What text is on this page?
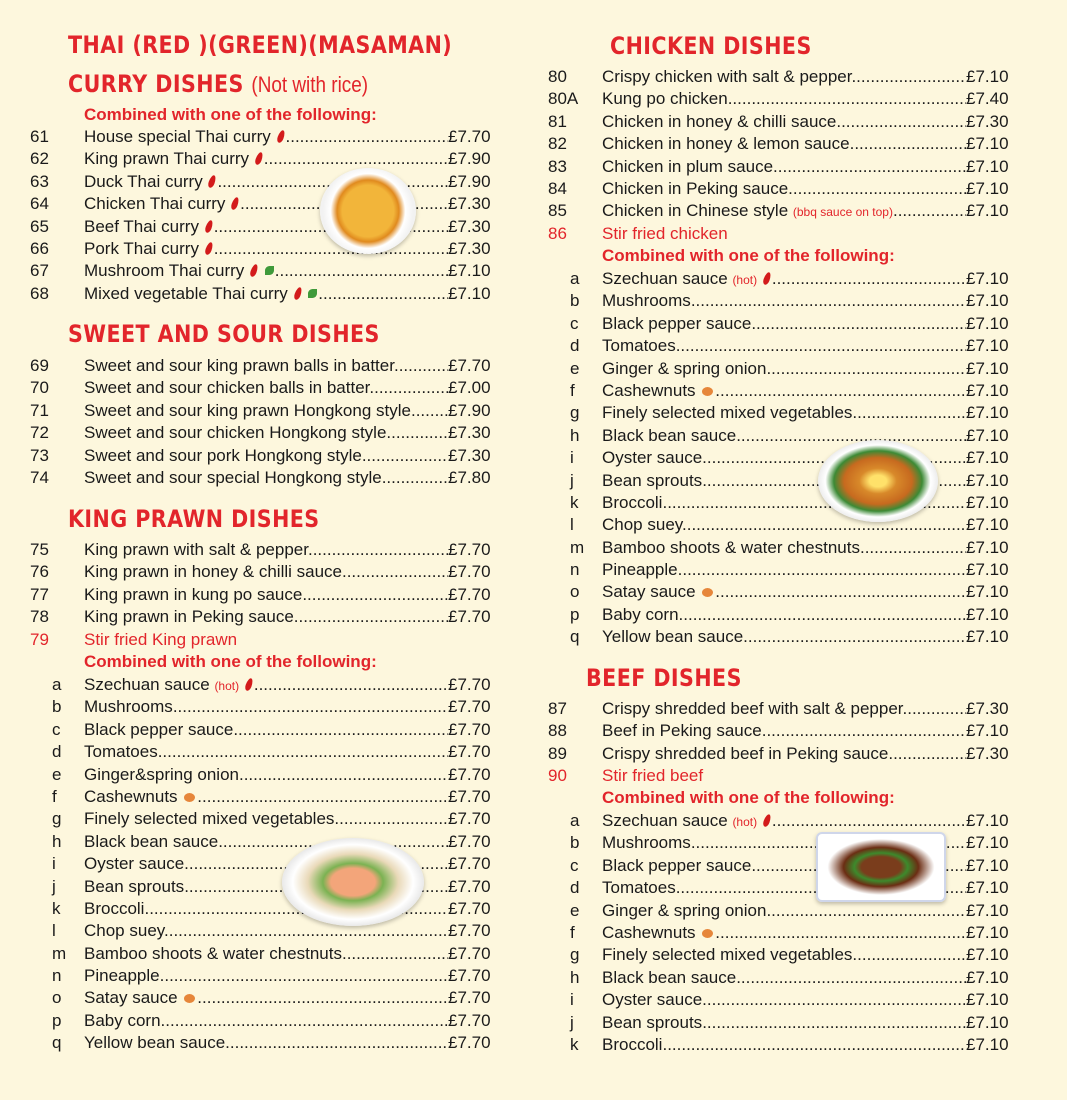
THAI (RED )(GREEN)(MASAMAN)
CURRY DISHES (Not with rice)
Combined with one of the following:
61	House special Thai curry  .....	£7.70
62	King prawn Thai curry  .....	£7.90
63	Duck Thai curry  .....	£7.90
64	Chicken Thai curry  .....	£7.30
65	Beef Thai curry  .....	£7.30
66	Pork Thai curry  .....	£7.30
67	Mushroom Thai curry   .....	£7.10
68	Mixed vegetable Thai curry   .....	£7.10
SWEET AND SOUR DISHES
69	Sweet and sour king prawn balls in batter .....	£7.70
70	Sweet and sour chicken balls in batter .....	£7.00
71	Sweet and sour king prawn Hongkong style .....	£7.90
72	Sweet and sour chicken Hongkong style .....	£7.30
73	Sweet and sour pork Hongkong style .....	£7.30
74	Sweet and sour special Hongkong style .....	£7.80
KING PRAWN DISHES
75	King prawn with salt & pepper .....	£7.70
76	King prawn in honey & chilli sauce .....	£7.70
77	King prawn in kung po sauce .....	£7.70
78	King prawn in Peking sauce .....	£7.70
79	Stir fried King prawn
Combined with one of the following:
a	Szechuan sauce (hot)  .....	£7.70
b	Mushrooms .....	£7.70
c	Black pepper sauce .....	£7.70
d	Tomatoes .....	£7.70
e	Ginger&spring onion .....	£7.70
f	Cashewnuts  .....	£7.70
g	Finely selected mixed vegetables .....	£7.70
h	Black bean sauce .....	£7.70
i	Oyster sauce .....	£7.70
j	Bean sprouts .....	£7.70
k	Broccoli .....	£7.70
l	Chop suey .....	£7.70
m	Bamboo shoots & water chestnuts .....	£7.70
n	Pineapple .....	£7.70
o	Satay sauce  .....	£7.70
p	Baby corn .....	£7.70
q	Yellow bean sauce .....	£7.70
CHICKEN DISHES
80	Crispy chicken with salt & pepper .....	£7.10
80A	Kung po chicken .....	£7.40
81	Chicken in honey & chilli sauce .....	£7.30
82	Chicken in honey & lemon sauce .....	£7.10
83	Chicken in plum sauce .....	£7.10
84	Chicken in Peking sauce .....	£7.10
85	Chicken in Chinese style (bbq sauce on top) .....	£7.10
86	Stir fried chicken
Combined with one of the following:
a	Szechuan sauce (hot)  .....	£7.10
b	Mushrooms .....	£7.10
c	Black pepper sauce .....	£7.10
d	Tomatoes .....	£7.10
e	Ginger & spring onion .....	£7.10
f	Cashewnuts  .....	£7.10
g	Finely selected mixed vegetables .....	£7.10
h	Black bean sauce .....	£7.10
i	Oyster sauce .....	£7.10
j	Bean sprouts .....	£7.10
k	Broccoli .....	£7.10
l	Chop suey .....	£7.10
m	Bamboo shoots & water chestnuts .....	£7.10
n	Pineapple .....	£7.10
o	Satay sauce  .....	£7.10
p	Baby corn .....	£7.10
q	Yellow bean sauce .....	£7.10
BEEF DISHES
87	Crispy shredded beef with salt & pepper .....	£7.30
88	Beef in Peking sauce .....	£7.10
89	Crispy shredded beef in Peking sauce .....	£7.30
90	Stir fried beef
Combined with one of the following:
a	Szechuan sauce (hot)  .....	£7.10
b	Mushrooms .....	£7.10
c	Black pepper sauce .....	£7.10
d	Tomatoes .....	£7.10
e	Ginger & spring onion .....	£7.10
f	Cashewnuts  .....	£7.10
g	Finely selected mixed vegetables .....	£7.10
h	Black bean sauce .....	£7.10
i	Oyster sauce .....	£7.10
j	Bean sprouts .....	£7.10
k	Broccoli .....	£7.10
